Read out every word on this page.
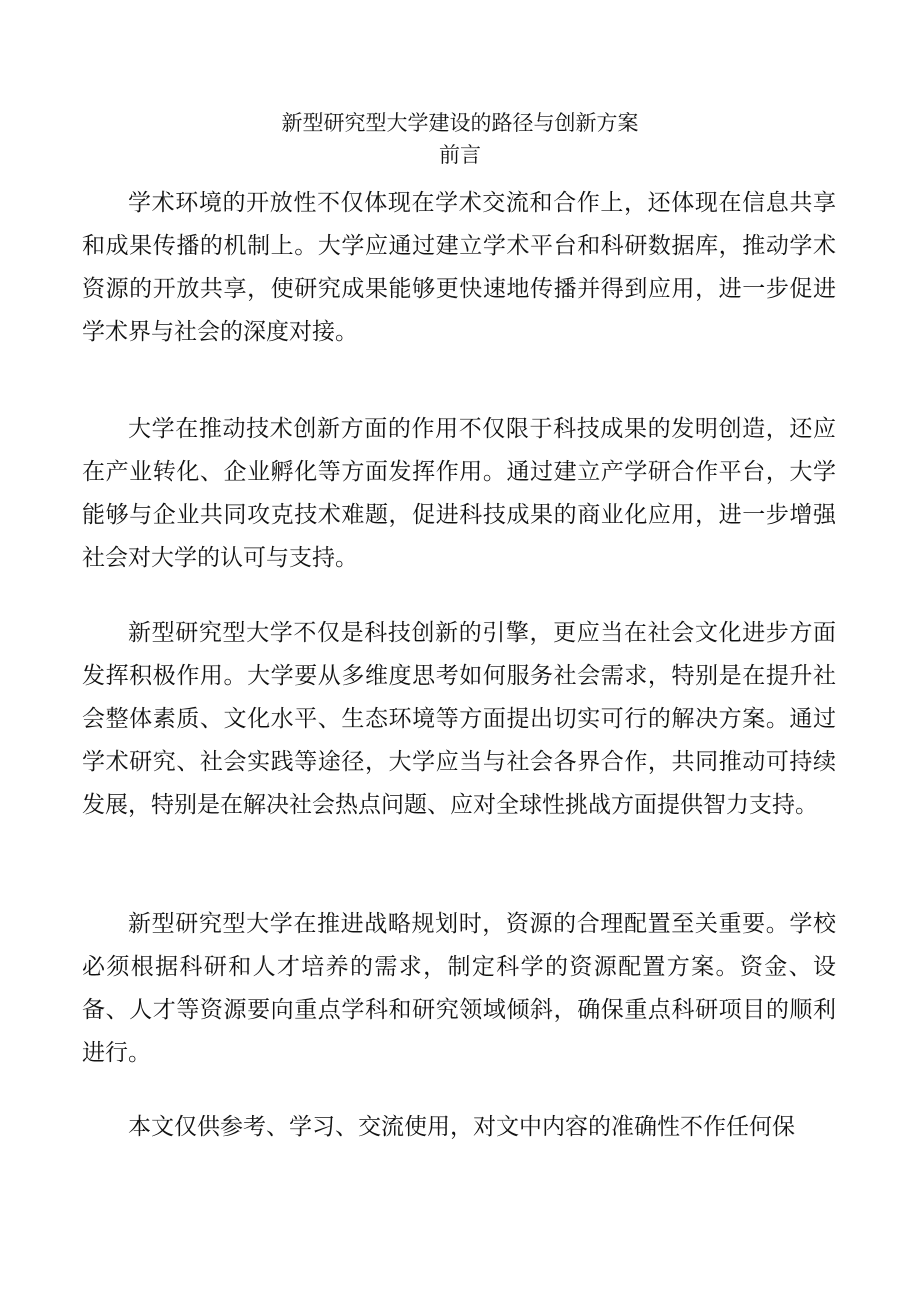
新型研究型大学建设的路径与创新方案
前言

学术环境的开放性不仅体现在学术交流和合作上，还体现在信息共享和成果传播的机制上。大学应通过建立学术平台和科研数据库，推动学术资源的开放共享，使研究成果能够更快速地传播并得到应用，进一步促进学术界与社会的深度对接。

大学在推动技术创新方面的作用不仅限于科技成果的发明创造，还应在产业转化、企业孵化等方面发挥作用。通过建立产学研合作平台，大学能够与企业共同攻克技术难题，促进科技成果的商业化应用，进一步增强社会对大学的认可与支持。

新型研究型大学不仅是科技创新的引擎，更应当在社会文化进步方面发挥积极作用。大学要从多维度思考如何服务社会需求，特别是在提升社会整体素质、文化水平、生态环境等方面提出切实可行的解决方案。通过学术研究、社会实践等途径，大学应当与社会各界合作，共同推动可持续发展，特别是在解决社会热点问题、应对全球性挑战方面提供智力支持。

新型研究型大学在推进战略规划时，资源的合理配置至关重要。学校必须根据科研和人才培养的需求，制定科学的资源配置方案。资金、设备、人才等资源要向重点学科和研究领域倾斜，确保重点科研项目的顺利进行。

本文仅供参考、学习、交流使用，对文中内容的准确性不作任何保
